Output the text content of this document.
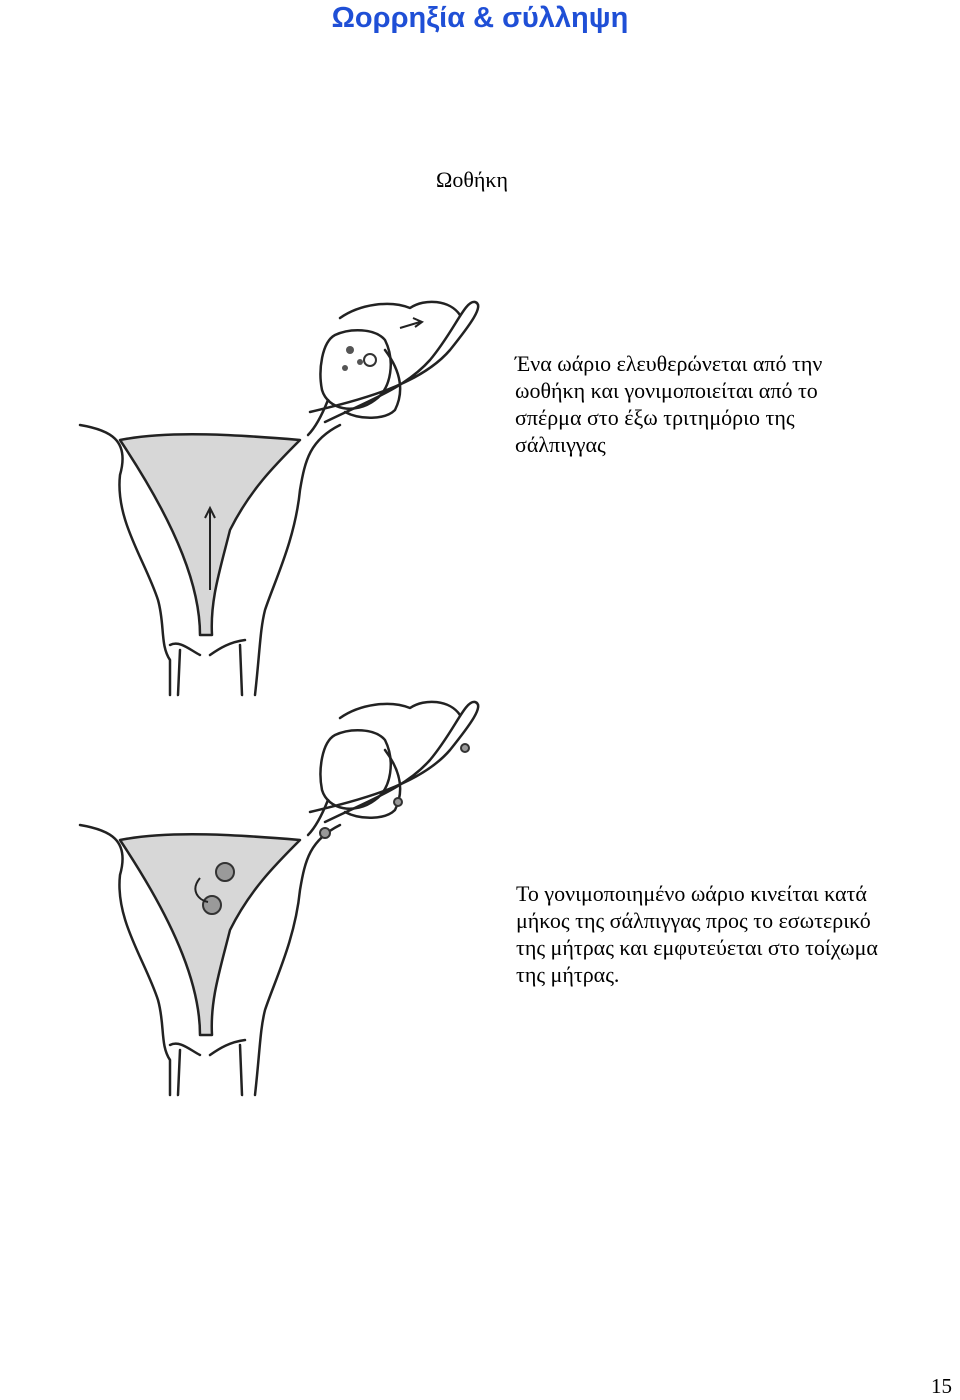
Ωορρηξία & σύλληψη
Ωοθήκη
Ένα ωάριο ελευθερώνεται από την
ωοθήκη και γονιμοποιείται από το
σπέρμα στο έξω τριτημόριο της
σάλπιγγας
Το γονιμοποιημένο ωάριο κινείται κατά
μήκος της σάλπιγγας προς το εσωτερικό
της μήτρας και εμφυτεύεται στο τοίχωμα
της μήτρας.
15
